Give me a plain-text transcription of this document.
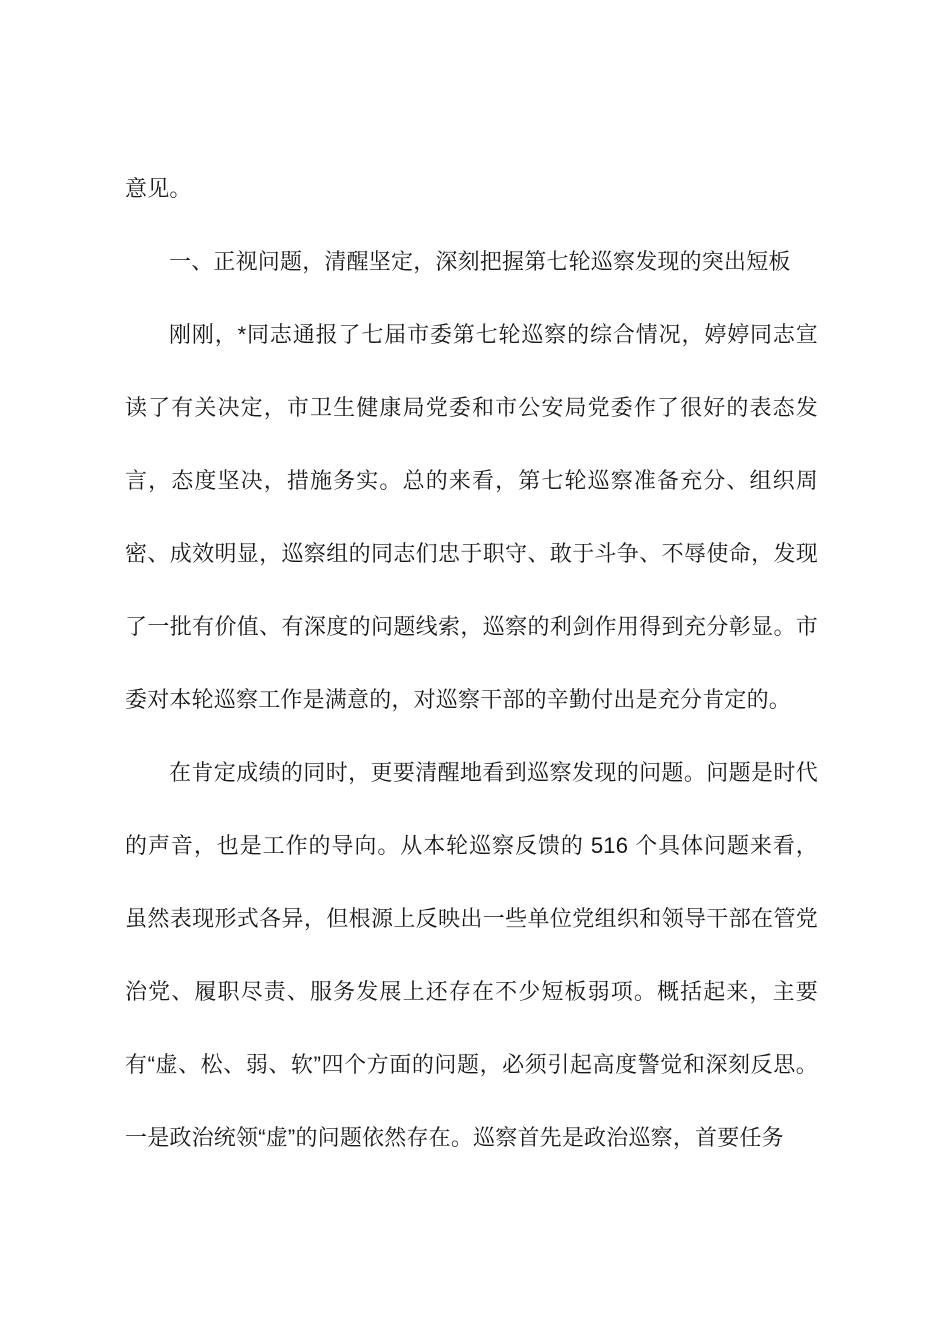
意见。

一、正视问题，清醒坚定，深刻把握第七轮巡察发现的突出短板

刚刚，*同志通报了七届市委第七轮巡察的综合情况，婷婷同志宣读了有关决定，市卫生健康局党委和市公安局党委作了很好的表态发言，态度坚决，措施务实。总的来看，第七轮巡察准备充分、组织周密、成效明显，巡察组的同志们忠于职守、敢于斗争、不辱使命，发现了一批有价值、有深度的问题线索，巡察的利剑作用得到充分彰显。市委对本轮巡察工作是满意的，对巡察干部的辛勤付出是充分肯定的。

在肯定成绩的同时，更要清醒地看到巡察发现的问题。问题是时代的声音，也是工作的导向。从本轮巡察反馈的 516 个具体问题来看，虽然表现形式各异，但根源上反映出一些单位党组织和领导干部在管党治党、履职尽责、服务发展上还存在不少短板弱项。概括起来，主要有“虚、松、弱、软”四个方面的问题，必须引起高度警觉和深刻反思。一是政治统领“虚”的问题依然存在。巡察首先是政治巡察，首要任务
